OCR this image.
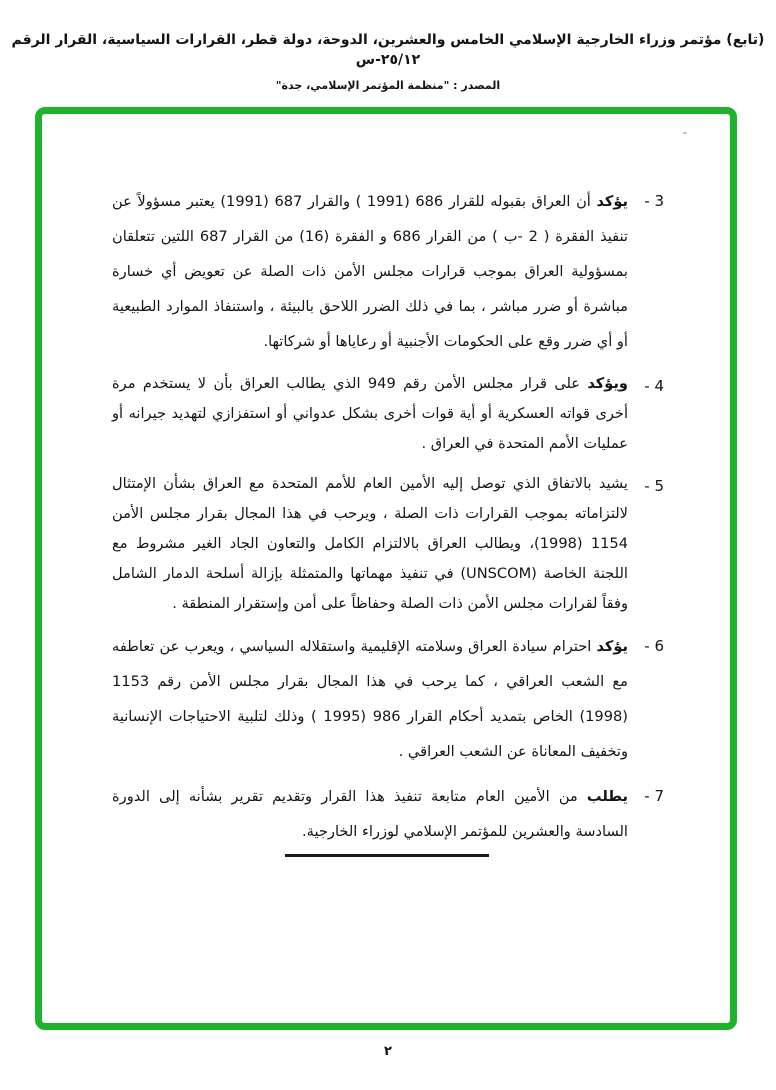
(تابع) مؤتمر وزراء الخارجية الإسلامي الخامس والعشرين، الدوحة، دولة قطر، القرارات السياسية، القرار الرقم ٢٥/١٢-س
المصدر : "منظمة المؤتمر الإسلامي، جدة"
3 -
يؤكد أن العراق بقبوله للقرار 686 (1991 ) والقرار 687 (1991) يعتبر مسؤولاً عن تنفيذ الفقرة ( 2 -ب ) من القرار 686 و الفقرة (16) من القرار 687 اللتين تتعلقان بمسؤولية العراق بموجب قرارات مجلس الأمن ذات الصلة عن تعويض أي خسارة مباشرة أو ضرر مباشر ، بما في ذلك الضرر اللاحق بالبيئة ، واستنفاذ الموارد الطبيعية أو أي ضرر وقع على الحكومات الأجنبية أو رعاياها أو شركاتها.
4 -
ويؤكد على قرار مجلس الأمن رقم 949 الذي يطالب العراق بأن لا يستخدم مرة أخرى قواته العسكرية أو أية قوات أخرى بشكل عدواني أو استفزازي لتهديد جيرانه أو عمليات الأمم المتحدة في العراق .
5 -
يشيد بالاتفاق الذي توصل إليه الأمين العام للأمم المتحدة مع العراق بشأن الإمتثال لالتزاماته بموجب القرارات ذات الصلة ، ويرحب في هذا المجال بقرار مجلس الأمن 1154 (1998)، ويطالب العراق بالالتزام الكامل والتعاون الجاد الغير مشروط مع اللجنة الخاصة (UNSCOM) في تنفيذ مهماتها والمتمثلة بإزالة أسلحة الدمار الشامل وفقاً لقرارات مجلس الأمن ذات الصلة وحفاظاً على أمن وإستقرار المنطقة .
6 -
يؤكد احترام سيادة العراق وسلامته الإقليمية واستقلاله السياسي ، ويعرب عن تعاطفه مع الشعب العراقي ، كما يرحب في هذا المجال بقرار مجلس الأمن رقم 1153 (1998) الخاص بتمديد أحكام القرار 986 (1995 ) وذلك لتلبية الاحتياجات الإنسانية وتخفيف المعاناة عن الشعب العراقي .
7 -
يطلب من الأمين العام متابعة تنفيذ هذا القرار وتقديم تقرير بشأنه إلى الدورة السادسة والعشرين للمؤتمر الإسلامي لوزراء الخارجية.
٢
